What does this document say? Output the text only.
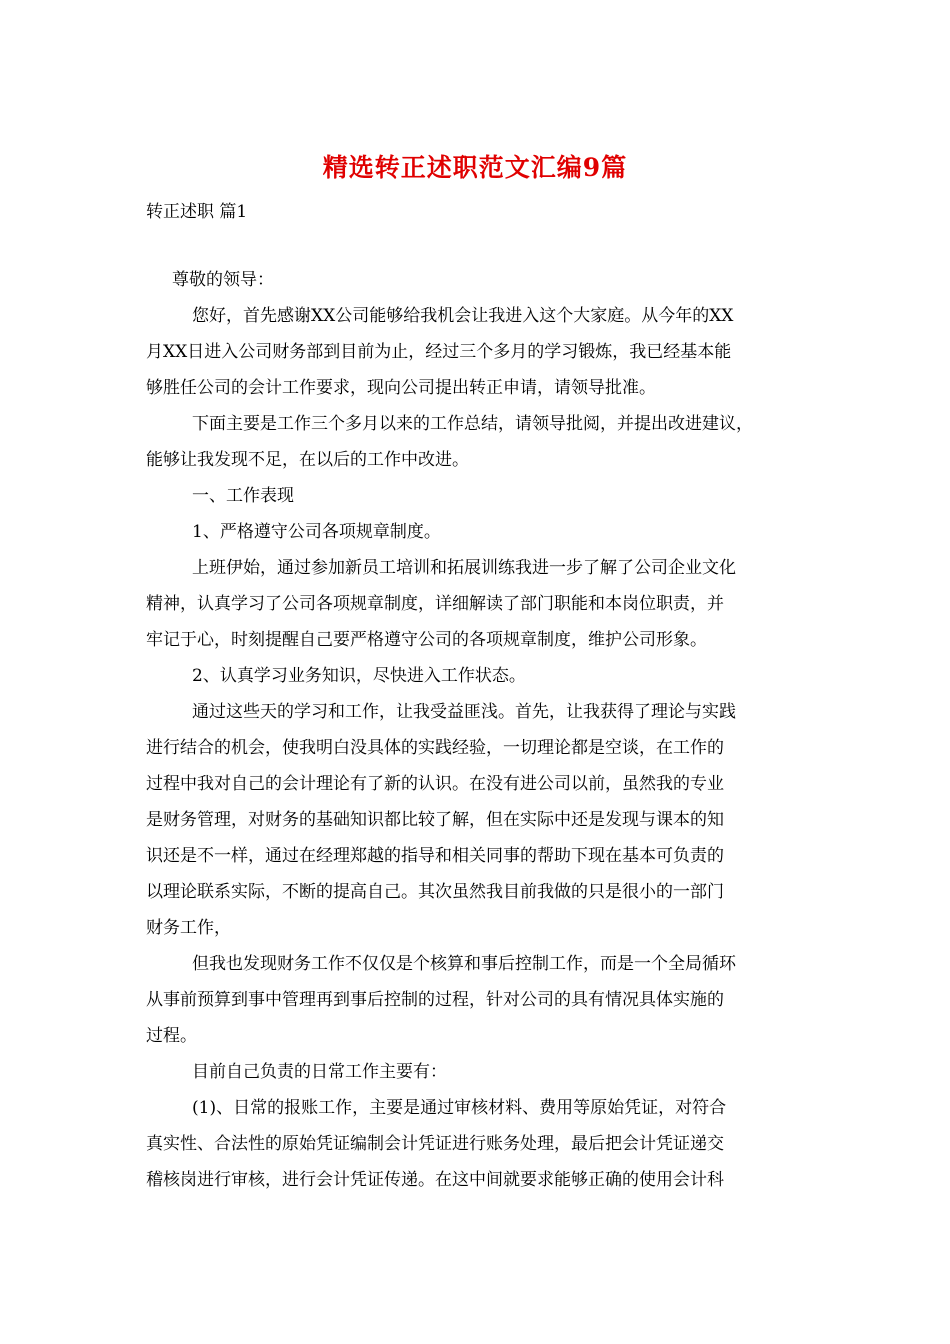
精选转正述职范文汇编9篇
转正述职 篇1
尊敬的领导：
您好，首先感谢XX公司能够给我机会让我进入这个大家庭。从今年的XX
月XX日进入公司财务部到目前为止，经过三个多月的学习锻炼，我已经基本能
够胜任公司的会计工作要求，现向公司提出转正申请，请领导批准。
下面主要是工作三个多月以来的工作总结，请领导批阅，并提出改进建议，
能够让我发现不足，在以后的工作中改进。
一、工作表现
1、严格遵守公司各项规章制度。
上班伊始，通过参加新员工培训和拓展训练我进一步了解了公司企业文化
精神，认真学习了公司各项规章制度，详细解读了部门职能和本岗位职责，并
牢记于心，时刻提醒自己要严格遵守公司的各项规章制度，维护公司形象。
2、认真学习业务知识，尽快进入工作状态。
通过这些天的学习和工作，让我受益匪浅。首先，让我获得了理论与实践
进行结合的机会，使我明白没具体的实践经验，一切理论都是空谈，在工作的
过程中我对自己的会计理论有了新的认识。在没有进公司以前，虽然我的专业
是财务管理，对财务的基础知识都比较了解，但在实际中还是发现与课本的知
识还是不一样，通过在经理郑越的指导和相关同事的帮助下现在基本可负责的
以理论联系实际，不断的提高自己。其次虽然我目前我做的只是很小的一部门
财务工作，
但我也发现财务工作不仅仅是个核算和事后控制工作，而是一个全局循环
从事前预算到事中管理再到事后控制的过程，针对公司的具有情况具体实施的
过程。
目前自己负责的日常工作主要有：
(1)、日常的报账工作，主要是通过审核材料、费用等原始凭证，对符合
真实性、合法性的原始凭证编制会计凭证进行账务处理，最后把会计凭证递交
稽核岗进行审核，进行会计凭证传递。在这中间就要求能够正确的使用会计科
